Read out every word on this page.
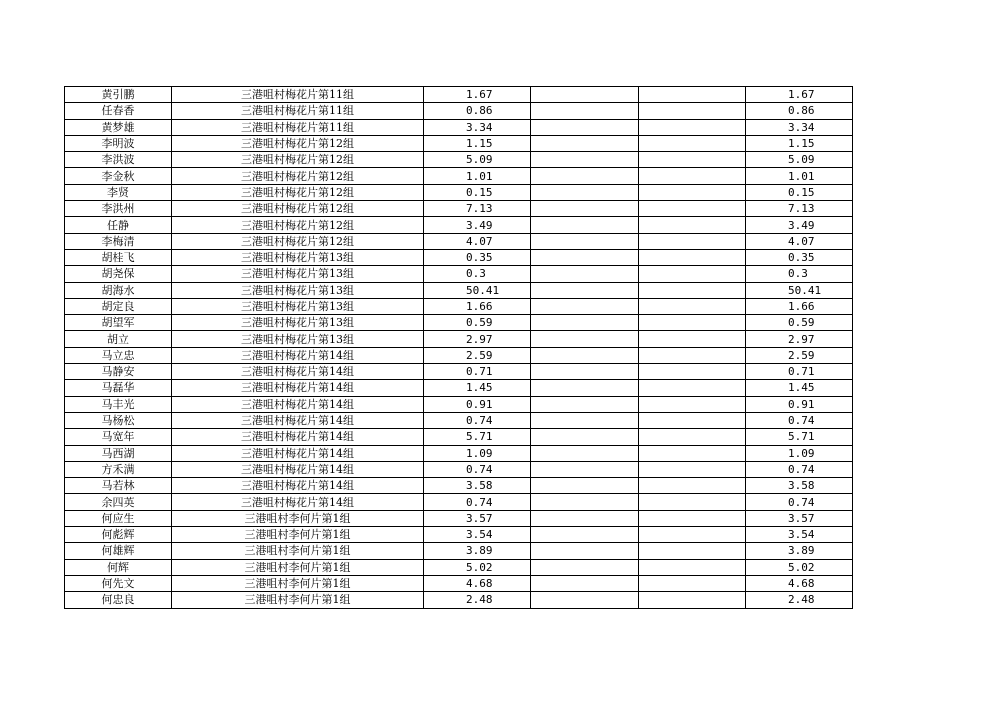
黄引鹏	三港咀村梅花片第11组	1.67			1.67
任春香	三港咀村梅花片第11组	0.86			0.86
黄梦雄	三港咀村梅花片第11组	3.34			3.34
李明波	三港咀村梅花片第12组	1.15			1.15
李洪波	三港咀村梅花片第12组	5.09			5.09
李金秋	三港咀村梅花片第12组	1.01			1.01
李贤	三港咀村梅花片第12组	0.15			0.15
李洪州	三港咀村梅花片第12组	7.13			7.13
任静	三港咀村梅花片第12组	3.49			3.49
李梅清	三港咀村梅花片第12组	4.07			4.07
胡桂飞	三港咀村梅花片第13组	0.35			0.35
胡尧保	三港咀村梅花片第13组	0.3			0.3
胡海水	三港咀村梅花片第13组	50.41			50.41
胡定良	三港咀村梅花片第13组	1.66			1.66
胡望军	三港咀村梅花片第13组	0.59			0.59
胡立	三港咀村梅花片第13组	2.97			2.97
马立忠	三港咀村梅花片第14组	2.59			2.59
马静安	三港咀村梅花片第14组	0.71			0.71
马磊华	三港咀村梅花片第14组	1.45			1.45
马丰光	三港咀村梅花片第14组	0.91			0.91
马杨松	三港咀村梅花片第14组	0.74			0.74
马宽年	三港咀村梅花片第14组	5.71			5.71
马西湖	三港咀村梅花片第14组	1.09			1.09
方禾满	三港咀村梅花片第14组	0.74			0.74
马若林	三港咀村梅花片第14组	3.58			3.58
余四英	三港咀村梅花片第14组	0.74			0.74
何应生	三港咀村李何片第1组	3.57			3.57
何彪辉	三港咀村李何片第1组	3.54			3.54
何雄辉	三港咀村李何片第1组	3.89			3.89
何辉	三港咀村李何片第1组	5.02			5.02
何先文	三港咀村李何片第1组	4.68			4.68
何忠良	三港咀村李何片第1组	2.48			2.48
